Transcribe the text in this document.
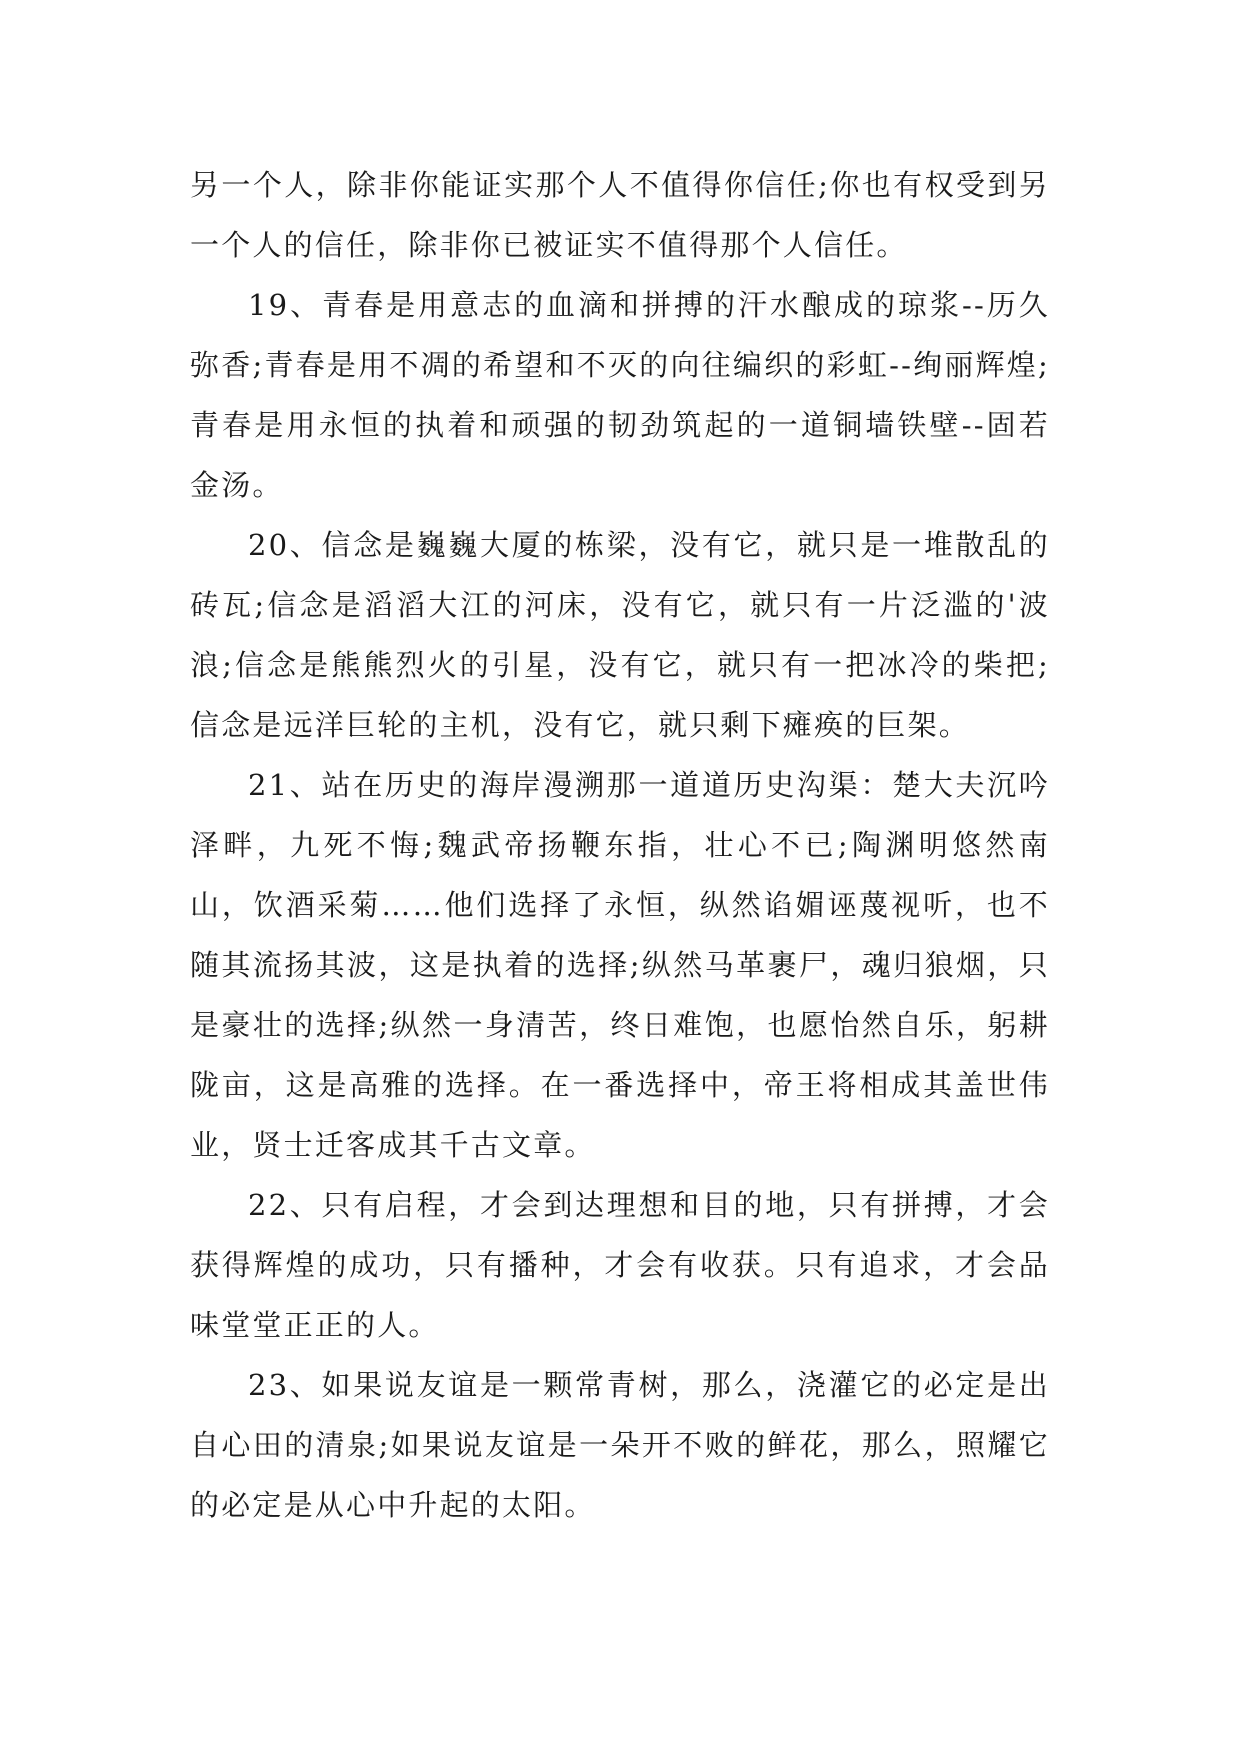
另一个人，除非你能证实那个人不值得你信任;你也有权受到另一个人的信任，除非你已被证实不值得那个人信任。

19、青春是用意志的血滴和拼搏的汗水酿成的琼浆--历久弥香;青春是用不凋的希望和不灭的向往编织的彩虹--绚丽辉煌;青春是用永恒的执着和顽强的韧劲筑起的一道铜墙铁壁--固若金汤。

20、信念是巍巍大厦的栋梁，没有它，就只是一堆散乱的砖瓦;信念是滔滔大江的河床，没有它，就只有一片泛滥的'波浪;信念是熊熊烈火的引星，没有它，就只有一把冰冷的柴把;信念是远洋巨轮的主机，没有它，就只剩下瘫痪的巨架。

21、站在历史的海岸漫溯那一道道历史沟渠：楚大夫沉吟泽畔，九死不悔;魏武帝扬鞭东指，壮心不已;陶渊明悠然南山，饮酒采菊……他们选择了永恒，纵然谄媚诬蔑视听，也不随其流扬其波，这是执着的选择;纵然马革裹尸，魂归狼烟，只是豪壮的选择;纵然一身清苦，终日难饱，也愿怡然自乐，躬耕陇亩，这是高雅的选择。在一番选择中，帝王将相成其盖世伟业，贤士迁客成其千古文章。

22、只有启程，才会到达理想和目的地，只有拼搏，才会获得辉煌的成功，只有播种，才会有收获。只有追求，才会品味堂堂正正的人。

23、如果说友谊是一颗常青树，那么，浇灌它的必定是出自心田的清泉;如果说友谊是一朵开不败的鲜花，那么，照耀它的必定是从心中升起的太阳。
